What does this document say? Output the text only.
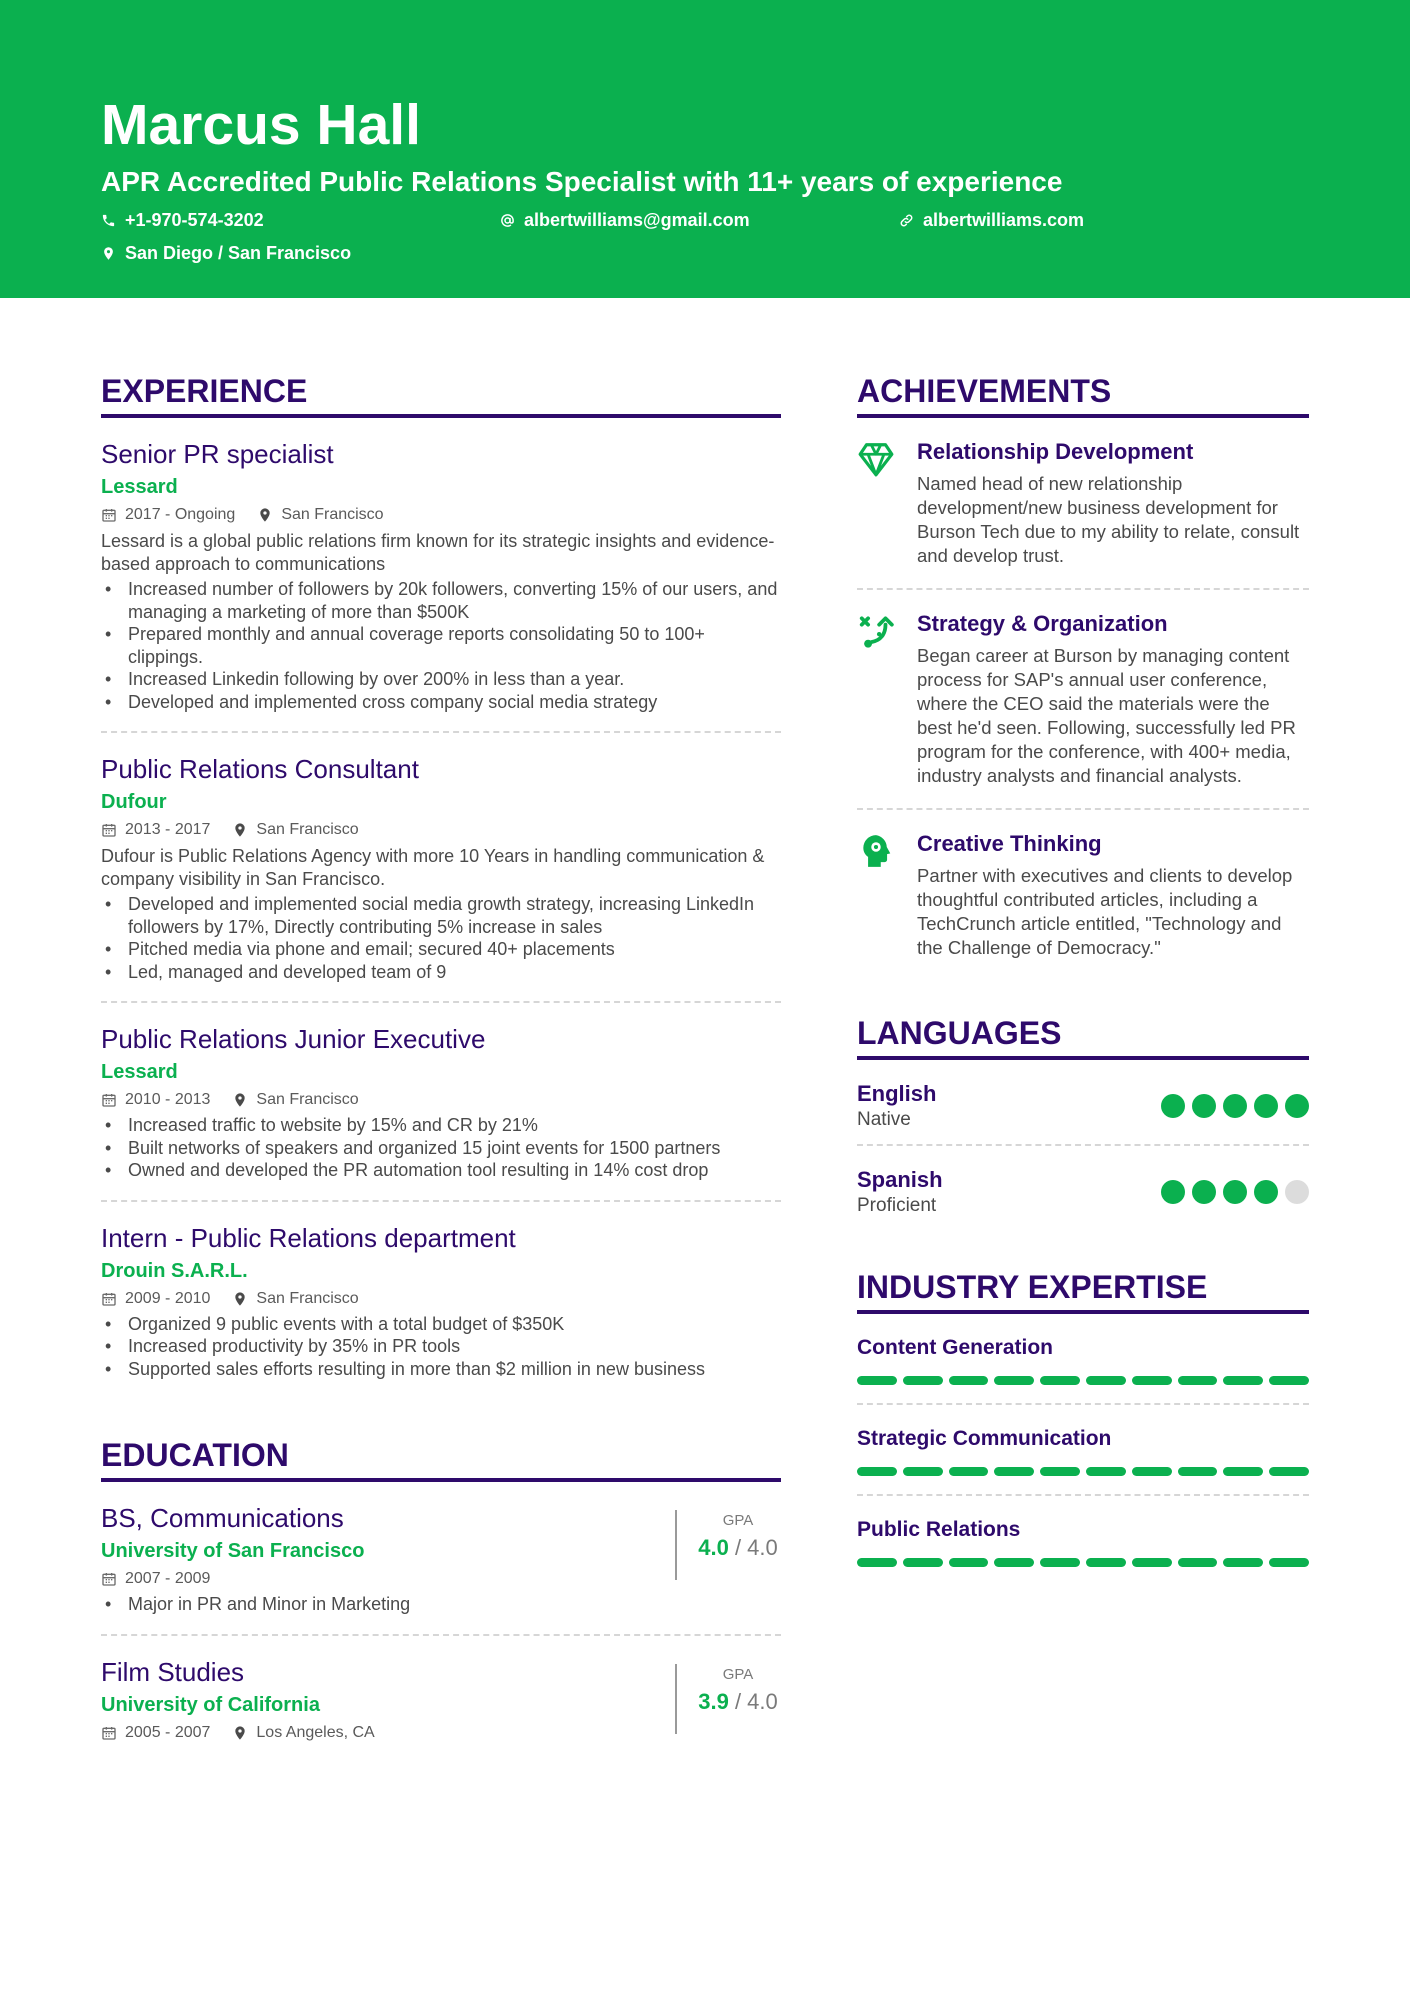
Marcus Hall
APR Accredited Public Relations Specialist with 11+ years of experience
+1-970-574-3202	albertwilliams@gmail.com	albertwilliams.com
San Diego / San Francisco
EXPERIENCE
Senior PR specialist
Lessard
2017 - Ongoing	San Francisco
Lessard is a global public relations firm known for its strategic insights and evidence-based approach to communications
• Increased number of followers by 20k followers, converting 15% of our users, and managing a marketing of more than $500K
• Prepared monthly and annual coverage reports consolidating 50 to 100+ clippings.
• Increased Linkedin following by over 200% in less than a year.
• Developed and implemented cross company social media strategy
Public Relations Consultant
Dufour
2013 - 2017	San Francisco
Dufour is Public Relations Agency with more 10 Years in handling communication & company visibility in San Francisco.
• Developed and implemented social media growth strategy, increasing LinkedIn followers by 17%, Directly contributing 5% increase in sales
• Pitched media via phone and email; secured 40+ placements
• Led, managed and developed team of 9
Public Relations Junior Executive
Lessard
2010 - 2013	San Francisco
• Increased traffic to website by 15% and CR by 21%
• Built networks of speakers and organized 15 joint events for 1500 partners
• Owned and developed the PR automation tool resulting in 14% cost drop
Intern - Public Relations department
Drouin S.A.R.L.
2009 - 2010	San Francisco
• Organized 9 public events with a total budget of $350K
• Increased productivity by 35% in PR tools
• Supported sales efforts resulting in more than $2 million in new business
EDUCATION
BS, Communications
University of San Francisco
2007 - 2009
• Major in PR and Minor in Marketing
GPA
4.0 / 4.0
Film Studies
University of California
2005 - 2007	Los Angeles, CA
GPA
3.9 / 4.0
ACHIEVEMENTS
Relationship Development
Named head of new relationship development/new business development for Burson Tech due to my ability to relate, consult and develop trust.
Strategy & Organization
Began career at Burson by managing content process for SAP's annual user conference, where the CEO said the materials were the best he'd seen. Following, successfully led PR program for the conference, with 400+ media, industry analysts and financial analysts.
Creative Thinking
Partner with executives and clients to develop thoughtful contributed articles, including a TechCrunch article entitled, "Technology and the Challenge of Democracy."
LANGUAGES
English
Native
Spanish
Proficient
INDUSTRY EXPERTISE
Content Generation
Strategic Communication
Public Relations
